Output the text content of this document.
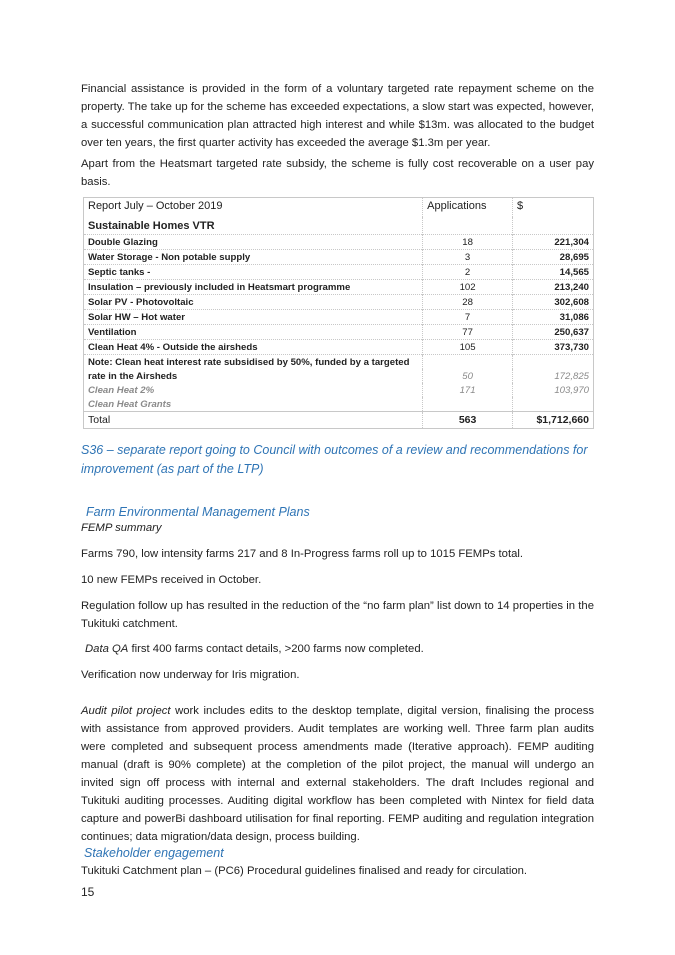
Financial assistance is provided in the form of a voluntary targeted rate repayment scheme on the property. The take up for the scheme has exceeded expectations, a slow start was expected, however, a successful communication plan attracted high interest and while $13m. was allocated to the budget over ten years, the first quarter activity has exceeded the average $1.3m per year.

Apart from the Heatsmart targeted rate subsidy, the scheme is fully cost recoverable on a user pay basis.

Report July – October 2019	Applications	$
Sustainable Homes VTR		
Double Glazing	18	221,304
Water Storage - Non potable supply	3	28,695
Septic tanks -	2	14,565
Insulation – previously included in Heatsmart programme	102	213,240
Solar PV - Photovoltaic	28	302,608
Solar HW – Hot water	7	31,086
Ventilation	77	250,637
Clean Heat 4% - Outside the airsheds	105	373,730
Note: Clean heat interest rate subsidised by 50%, funded by a targeted		
rate in the Airsheds	50	172,825
Clean Heat 2%	171	103,970
Clean Heat Grants		
Total	563	$1,712,660

S36 – separate report going to Council with outcomes of a review and recommendations for

improvement (as part of the LTP)

Farm Environmental Management Plans

FEMP summary

Farms 790, low intensity farms 217 and 8 In-Progress farms roll up to 1015 FEMPs total.

10 new FEMPs received in October.

Regulation follow up has resulted in the reduction of the “no farm plan” list down to 14 properties in the Tukituki catchment.

Data QA first 400 farms contact details, >200 farms now completed.

Verification now underway for Iris migration.

Audit pilot project work includes edits to the desktop template, digital version, finalising the process with assistance from approved providers. Audit templates are working well. Three farm plan audits were completed and subsequent process amendments made (Iterative approach). FEMP auditing manual (draft is 90% complete) at the completion of the pilot project, the manual will undergo an invited sign off process with internal and external stakeholders. The draft Includes regional and Tukituki auditing processes. Auditing digital workflow has been completed with Nintex for field data capture and powerBi dashboard utilisation for final reporting. FEMP auditing and regulation integration continues; data migration/data design, process building.

Stakeholder engagement

Tukituki Catchment plan – (PC6) Procedural guidelines finalised and ready for circulation.

15
